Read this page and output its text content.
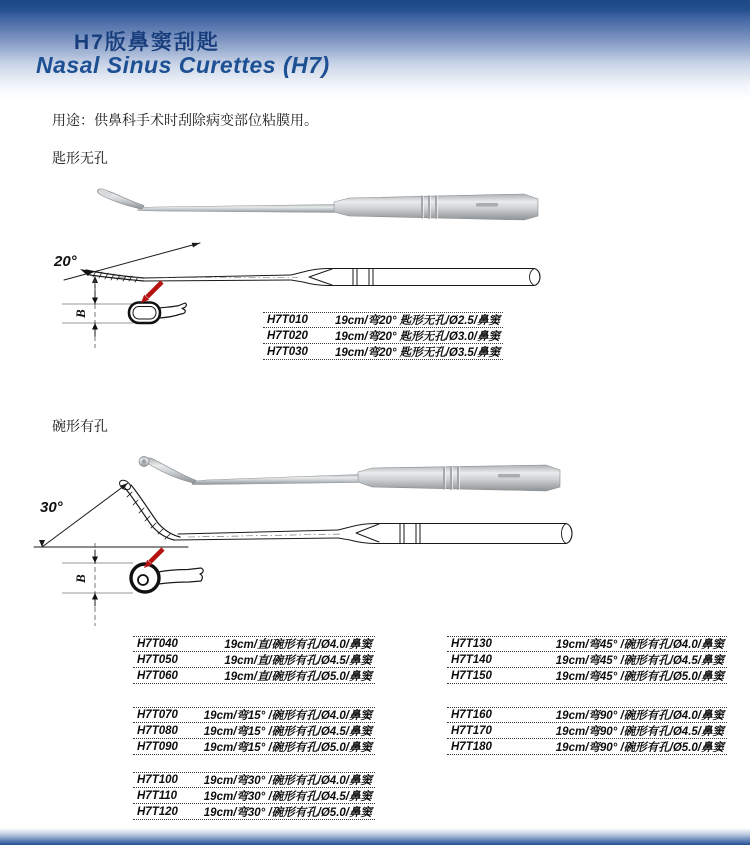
H7版鼻窦刮匙
Nasal Sinus Curettes (H7)
用途：供鼻科手术时刮除病变部位粘膜用。
匙形无孔
20°
B
H7T010	19cm/弯20° 匙形无孔/Ø2.5/鼻窦
H7T020	19cm/弯20° 匙形无孔/Ø3.0/鼻窦
H7T030	19cm/弯20° 匙形无孔/Ø3.5/鼻窦
碗形有孔
30°
B
H7T040	19cm/直/碗形有孔/Ø4.0/鼻窦
H7T050	19cm/直/碗形有孔/Ø4.5/鼻窦
H7T060	19cm/直/碗形有孔/Ø5.0/鼻窦
H7T070	19cm/弯15° /碗形有孔/Ø4.0/鼻窦
H7T080	19cm/弯15° /碗形有孔/Ø4.5/鼻窦
H7T090	19cm/弯15° /碗形有孔/Ø5.0/鼻窦
H7T100	19cm/弯30° /碗形有孔/Ø4.0/鼻窦
H7T110	19cm/弯30° /碗形有孔/Ø4.5/鼻窦
H7T120	19cm/弯30° /碗形有孔/Ø5.0/鼻窦
H7T130	19cm/弯45° /碗形有孔/Ø4.0/鼻窦
H7T140	19cm/弯45° /碗形有孔/Ø4.5/鼻窦
H7T150	19cm/弯45° /碗形有孔/Ø5.0/鼻窦
H7T160	19cm/弯90° /碗形有孔/Ø4.0/鼻窦
H7T170	19cm/弯90° /碗形有孔/Ø4.5/鼻窦
H7T180	19cm/弯90° /碗形有孔/Ø5.0/鼻窦
